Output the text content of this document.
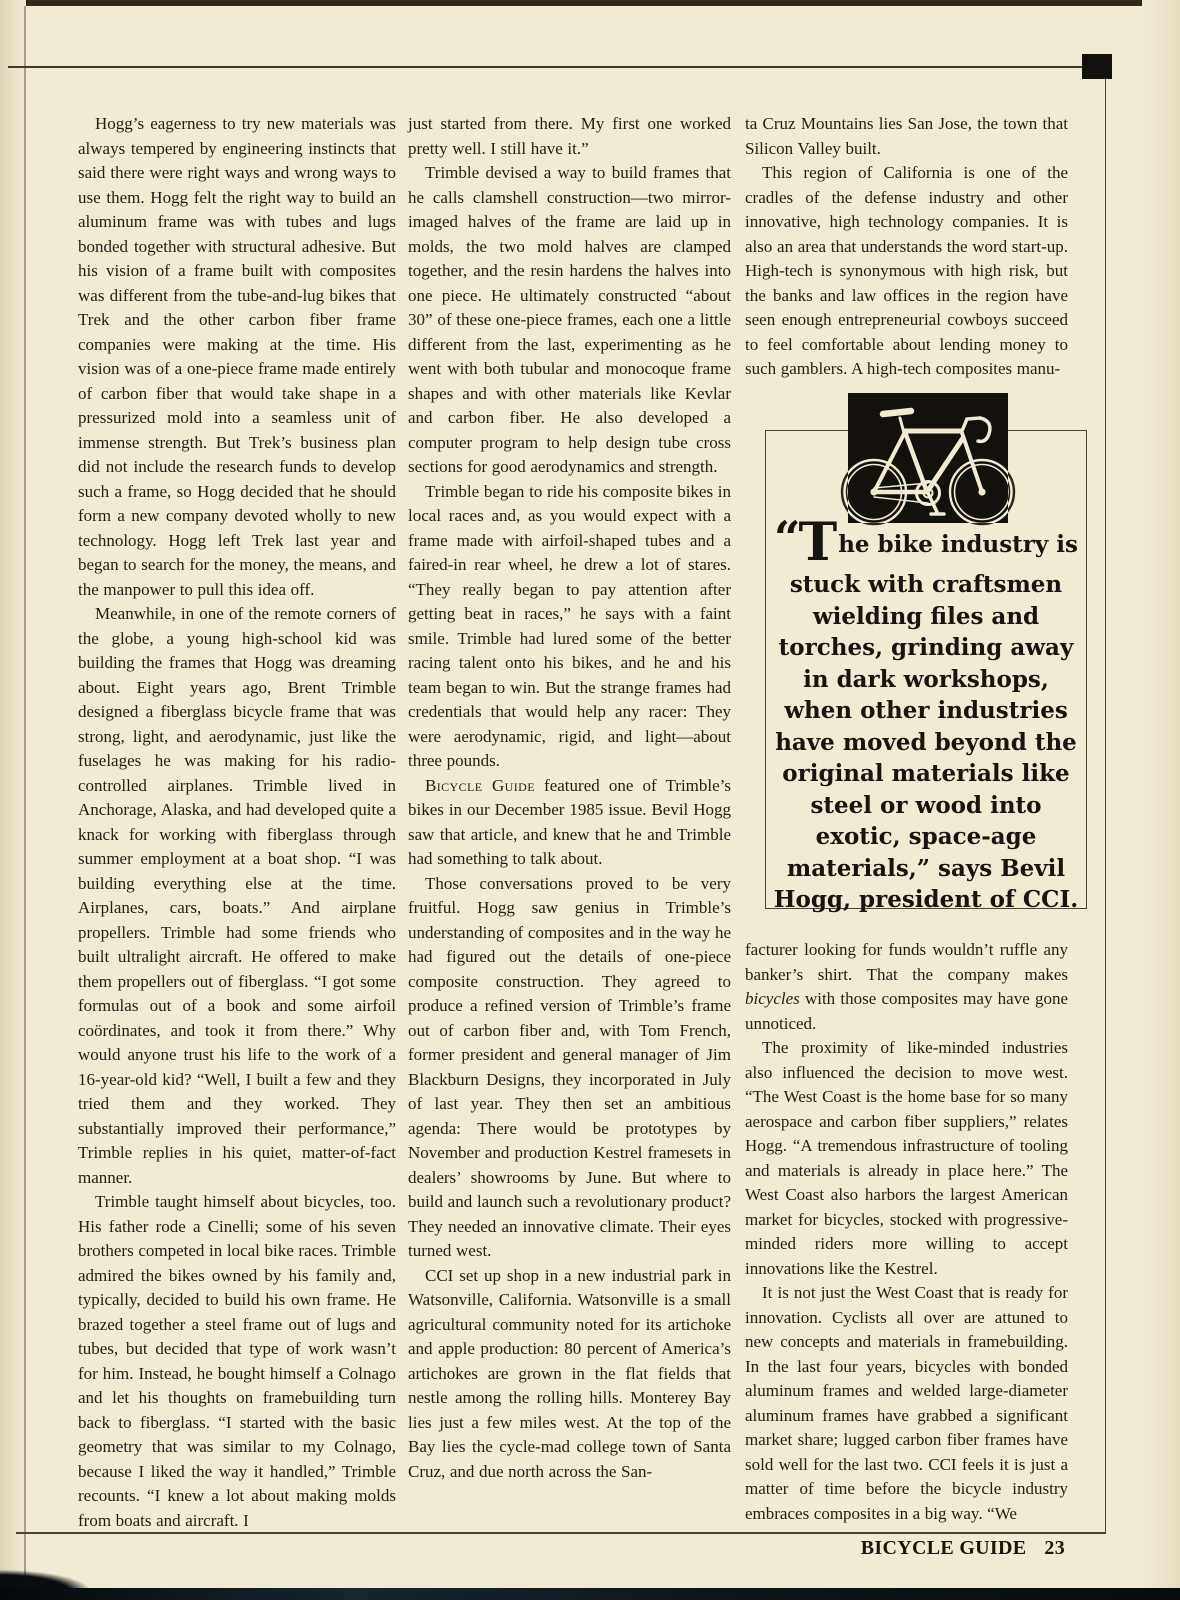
Hogg’s eagerness to try new materials was always tempered by engineering instincts that said there were right ways and wrong ways to use them. Hogg felt the right way to build an aluminum frame was with tubes and lugs bonded together with structural adhesive. But his vision of a frame built with composites was different from the tube-and-lug bikes that Trek and the other carbon fiber frame companies were making at the time. His vision was of a one-piece frame made entirely of carbon fiber that would take shape in a pressurized mold into a seamless unit of immense strength. But Trek’s business plan did not include the research funds to develop such a frame, so Hogg decided that he should form a new company devoted wholly to new technology. Hogg left Trek last year and began to search for the money, the means, and the manpower to pull this idea off.

Meanwhile, in one of the remote corners of the globe, a young high-school kid was building the frames that Hogg was dreaming about. Eight years ago, Brent Trimble designed a fiberglass bicycle frame that was strong, light, and aerodynamic, just like the fuselages he was making for his radio-controlled airplanes. Trimble lived in Anchorage, Alaska, and had developed quite a knack for working with fiberglass through summer employment at a boat shop. “I was building everything else at the time. Airplanes, cars, boats.” And airplane propellers. Trimble had some friends who built ultralight aircraft. He offered to make them propellers out of fiberglass. “I got some formulas out of a book and some airfoil coördinates, and took it from there.” Why would anyone trust his life to the work of a 16-year-old kid? “Well, I built a few and they tried them and they worked. They substantially improved their performance,” Trimble replies in his quiet, matter-of-fact manner.

Trimble taught himself about bicycles, too. His father rode a Cinelli; some of his seven brothers competed in local bike races. Trimble admired the bikes owned by his family and, typically, decided to build his own frame. He brazed together a steel frame out of lugs and tubes, but decided that type of work wasn’t for him. Instead, he bought himself a Colnago and let his thoughts on framebuilding turn back to fiberglass. “I started with the basic geometry that was similar to my Colnago, because I liked the way it handled,” Trimble recounts. “I knew a lot about making molds from boats and aircraft. I

just started from there. My first one worked pretty well. I still have it.”

Trimble devised a way to build frames that he calls clamshell construction—two mirror-imaged halves of the frame are laid up in molds, the two mold halves are clamped together, and the resin hardens the halves into one piece. He ultimately constructed “about 30” of these one-piece frames, each one a little different from the last, experimenting as he went with both tubular and monocoque frame shapes and with other materials like Kevlar and carbon fiber. He also developed a computer program to help design tube cross sections for good aerodynamics and strength.

Trimble began to ride his composite bikes in local races and, as you would expect with a frame made with airfoil-shaped tubes and a faired-in rear wheel, he drew a lot of stares. “They really began to pay attention after getting beat in races,” he says with a faint smile. Trimble had lured some of the better racing talent onto his bikes, and he and his team began to win. But the strange frames had credentials that would help any racer: They were aerodynamic, rigid, and light—about three pounds.

Bicycle Guide featured one of Trimble’s bikes in our December 1985 issue. Bevil Hogg saw that article, and knew that he and Trimble had something to talk about.

Those conversations proved to be very fruitful. Hogg saw genius in Trimble’s understanding of composites and in the way he had figured out the details of one-piece composite construction. They agreed to produce a refined version of Trimble’s frame out of carbon fiber and, with Tom French, former president and general manager of Jim Blackburn Designs, they incorporated in July of last year. They then set an ambitious agenda: There would be prototypes by November and production Kestrel framesets in dealers’ showrooms by June. But where to build and launch such a revolutionary product? They needed an innovative climate. Their eyes turned west.

CCI set up shop in a new industrial park in Watsonville, California. Watsonville is a small agricultural community noted for its artichoke and apple production: 80 percent of America’s artichokes are grown in the flat fields that nestle among the rolling hills. Monterey Bay lies just a few miles west. At the top of the Bay lies the cycle-mad college town of Santa Cruz, and due north across the San-

ta Cruz Mountains lies San Jose, the town that Silicon Valley built.

This region of California is one of the cradles of the defense industry and other innovative, high technology companies. It is also an area that understands the word start-up. High-tech is synonymous with high risk, but the banks and law offices in the region have seen enough entrepreneurial cowboys succeed to feel comfortable about lending money to such gamblers. A high-tech composites manu-

facturer looking for funds wouldn’t ruffle any banker’s shirt. That the company makes bicycles with those composites may have gone unnoticed.

The proximity of like-minded industries also influenced the decision to move west. “The West Coast is the home base for so many aerospace and carbon fiber suppliers,” relates Hogg. “A tremendous infrastructure of tooling and materials is already in place here.” The West Coast also harbors the largest American market for bicycles, stocked with progressive-minded riders more willing to accept innovations like the Kestrel.

It is not just the West Coast that is ready for innovation. Cyclists all over are attuned to new concepts and materials in framebuilding. In the last four years, bicycles with bonded aluminum frames and welded large-diameter aluminum frames have grabbed a significant market share; lugged carbon fiber frames have sold well for the last two. CCI feels it is just a matter of time before the bicycle industry embraces composites in a big way. “We

“The bike industry is
stuck with craftsmen
wielding files and
torches, grinding away
in dark workshops,
when other industries
have moved beyond the
original materials like
steel or wood into
exotic, space-age
materials,” says Bevil
Hogg, president of CCI.
BICYCLE GUIDE 23
